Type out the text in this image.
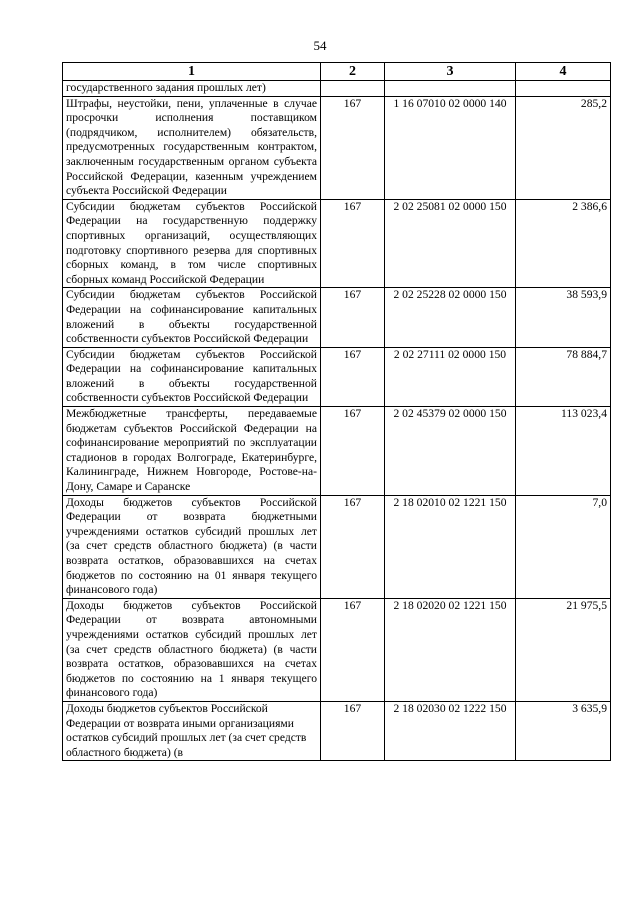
54
1	2	3	4
государственного задания прошлых лет)			
Штрафы, неустойки, пени, уплаченные в случае просрочки исполнения поставщиком (подрядчиком, исполнителем) обязательств, предусмотренных государственным контрактом, заключенным государственным органом субъекта Российской Федерации, казенным учреждением субъекта Российской Федерации	167	1 16 07010 02 0000 140	285,2
Субсидии бюджетам субъектов Российской Федерации на государственную поддержку спортивных организаций, осуществляющих подготовку спортивного резерва для спортивных сборных команд, в том числе спортивных сборных команд Российской Федерации	167	2 02 25081 02 0000 150	2 386,6
Субсидии бюджетам субъектов Российской Федерации на софинансирование капитальных вложений в объекты государственной собственности субъектов Российской Федерации	167	2 02 25228 02 0000 150	38 593,9
Субсидии бюджетам субъектов Российской Федерации на софинансирование капитальных вложений в объекты государственной собственности субъектов Российской Федерации	167	2 02 27111 02 0000 150	78 884,7
Межбюджетные трансферты, передаваемые бюджетам субъектов Российской Федерации на софинансирование мероприятий по эксплуатации стадионов в городах Волгограде, Екатеринбурге, Калининграде, Нижнем Новгороде, Ростове-на-Дону, Самаре и Саранске	167	2 02 45379 02 0000 150	113 023,4
Доходы бюджетов субъектов Российской Федерации от возврата бюджетными учреждениями остатков субсидий прошлых лет (за счет средств областного бюджета) (в части возврата остатков, образовавшихся на счетах бюджетов по состоянию на 01 января текущего финансового года)	167	2 18 02010 02 1221 150	7,0
Доходы бюджетов субъектов Российской Федерации от возврата автономными учреждениями остатков субсидий прошлых лет (за счет средств областного бюджета) (в части возврата остатков, образовавшихся на счетах бюджетов по состоянию на 1 января текущего финансового года)	167	2 18 02020 02 1221 150	21 975,5
Доходы бюджетов субъектов Российской Федерации от возврата иными организациями остатков субсидий прошлых лет (за счет средств областного бюджета) (в	167	2 18 02030 02 1222 150	3 635,9
